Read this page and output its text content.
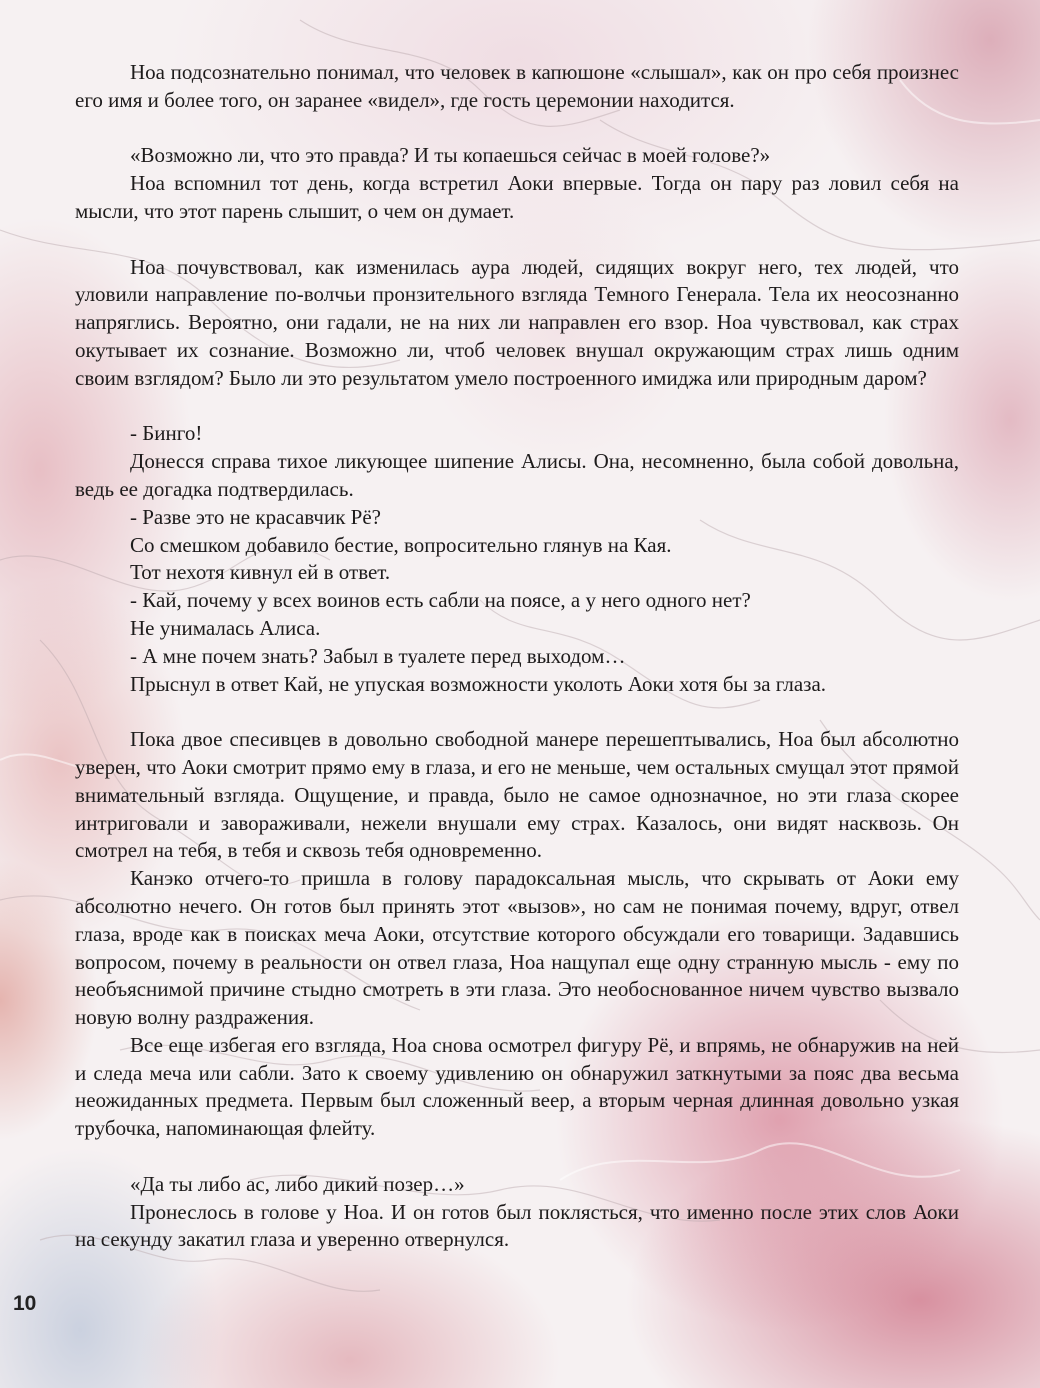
Ноа подсознательно понимал, что человек в капюшоне «слышал», как он про себя произнес его имя и более того, он заранее «видел», где гость церемонии находится.

«Возможно ли, что это правда? И ты копаешься сейчас в моей голове?»

Ноа вспомнил тот день, когда встретил Аоки впервые. Тогда он пару раз ловил себя на мысли, что этот парень слышит, о чем он думает.

Ноа почувствовал, как изменилась аура людей, сидящих вокруг него, тех людей, что уловили направление по-волчьи пронзительного взгляда Темного Генерала. Тела их неосознанно напряглись. Вероятно, они гадали, не на них ли направлен его взор. Ноа чувствовал, как страх окутывает их сознание. Возможно ли, чтоб человек внушал окружающим страх лишь одним своим взглядом? Было ли это результатом умело построенного имиджа или природным даром?

- Бинго!

Донесся справа тихое ликующее шипение Алисы. Она, несомненно, была собой довольна, ведь ее догадка подтвердилась.

- Разве это не красавчик Рё?

Со смешком добавило бестие, вопросительно глянув на Кая.

Тот нехотя кивнул ей в ответ.

- Кай, почему у всех воинов есть сабли на поясе, а у него одного нет?

Не унималась Алиса.

- А мне почем знать? Забыл в туалете перед выходом…

Прыснул в ответ Кай, не упуская возможности уколоть Аоки хотя бы за глаза.

Пока двое спесивцев в довольно свободной манере перешептывались, Ноа был абсолютно уверен, что Аоки смотрит прямо ему в глаза, и его не меньше, чем остальных смущал этот прямой внимательный взгляда. Ощущение, и правда, было не самое однозначное, но эти глаза скорее интриговали и завораживали, нежели внушали ему страх. Казалось, они видят насквозь. Он смотрел на тебя, в тебя и сквозь тебя одновременно.

Канэко отчего-то пришла в голову парадоксальная мысль, что скрывать от Аоки ему абсолютно нечего. Он готов был принять этот «вызов», но сам не понимая почему, вдруг, отвел глаза, вроде как в поисках меча Аоки, отсутствие которого обсуждали его товарищи. Задавшись вопросом, почему в реальности он отвел глаза, Ноа нащупал еще одну странную мысль - ему по необъяснимой причине стыдно смотреть в эти глаза. Это необоснованное ничем чувство вызвало новую волну раздражения.

Все еще избегая его взгляда, Ноа снова осмотрел фигуру Рё, и впрямь, не обнаружив на ней и следа меча или сабли. Зато к своему удивлению он обнаружил заткнутыми за пояс два весьма неожиданных предмета. Первым был сложенный веер, а вторым черная длинная довольно узкая трубочка, напоминающая флейту.

«Да ты либо ас, либо дикий позер…»

Пронеслось в голове у Ноа. И он готов был поклясться, что именно после этих слов Аоки на секунду закатил глаза и уверенно отвернулся.

10
